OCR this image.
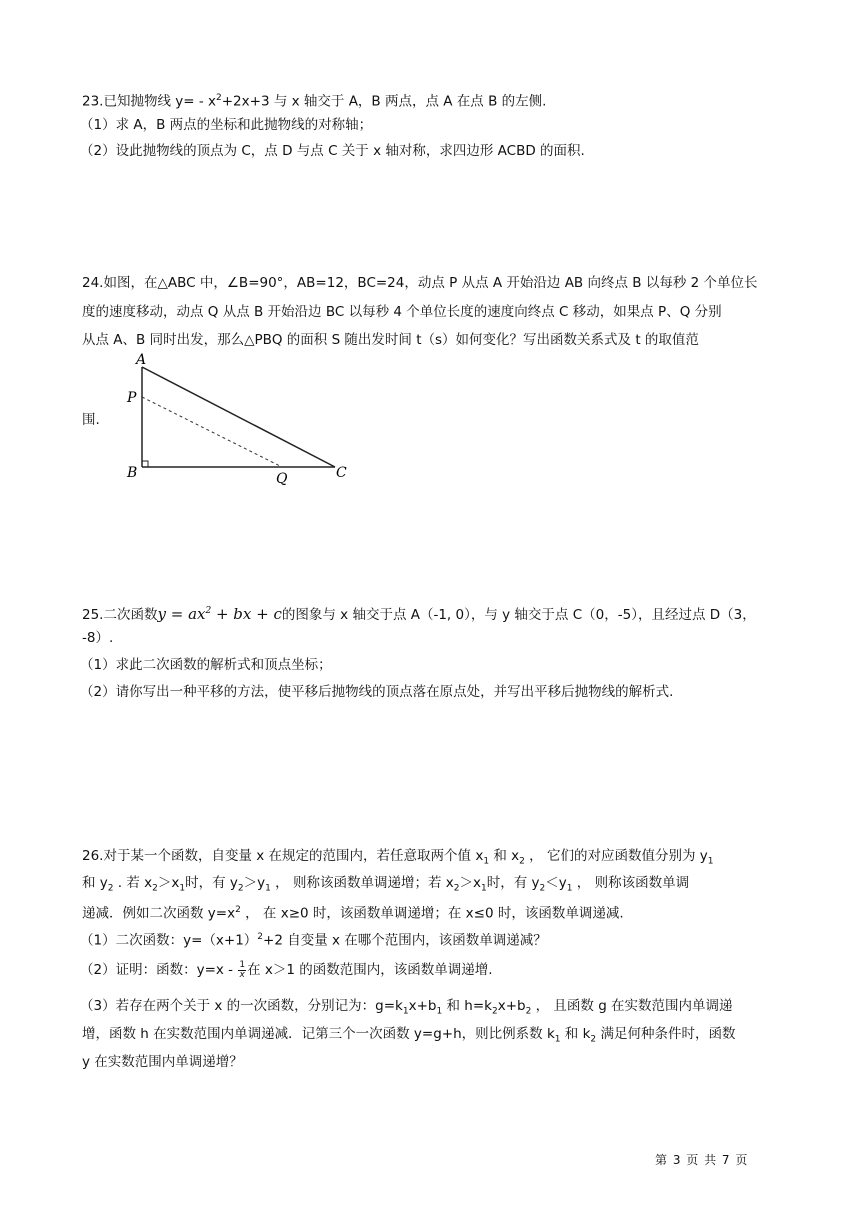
23.已知抛物线 y= ‐ $x^2+2x+3$ 与 x 轴交于 A，B 两点，点 A 在点 B 的左侧.
（1）求 A，B 两点的坐标和此抛物线的对称轴；
（2）设此抛物线的顶点为 C，点 D 与点 C 关于 x 轴对称，求四边形 ACBD 的面积.
24.如图，在△ABC 中，∠B=90°，AB=12，BC=24，动点 P 从点 A 开始沿边 AB 向终点 B 以每秒 2 个单位长
度的速度移动，动点 Q 从点 B 开始沿边 BC 以每秒 4 个单位长度的速度向终点 C 移动，如果点 P、Q 分别
从点 A、B 同时出发，那么△PBQ 的面积 S 随出发时间 t（s）如何变化？写出函数关系式及 t 的取值范
围.
A
P
B	Q	C
25.二次函数$y = ax^2$ + bx + c的图象与 x 轴交于点 A（-1, 0），与 y 轴交于点 C（0，-5），且经过点 D（3，
-8）.
（1）求此二次函数的解析式和顶点坐标；
（2）请你写出一种平移的方法，使平移后抛物线的顶点落在原点处，并写出平移后抛物线的解析式.
26.对于某一个函数，自变量 x 在规定的范围内，若任意取两个值 $x_1$ 和 $x_2$ ， 它们的对应函数值分别为 $y_1$
和 $y_2$ . 若 $x_2>x_1$时，有 $y_2>y_1$ ， 则称该函数单调递增；若 $x_2>x_1$时，有 $y_2<y_1$ ， 则称该函数单调
递减．例如二次函数 $y=x^2$ ， 在 x≥0 时，该函数单调递增；在 x≤0 时，该函数单调递减.
（1）二次函数：$y=(x+1)^2+2$ 自变量 x 在哪个范围内，该函数单调递减？
（2）证明：函数：$y=x - \frac{1}{x}$ 在 x＞1 的函数范围内，该函数单调递增.
（3）若存在两个关于 x 的一次函数，分别记为：$g=k_1x+b_1$ 和 $h=k_2x+b_2$ ， 且函数 g 在实数范围内单调递
增，函数 h 在实数范围内单调递减．记第三个一次函数 y=g+h，则比例系数 $k_1$ 和 $k_2$ 满足何种条件时，函数
y 在实数范围内单调递增？
第 3 页 共 7 页
